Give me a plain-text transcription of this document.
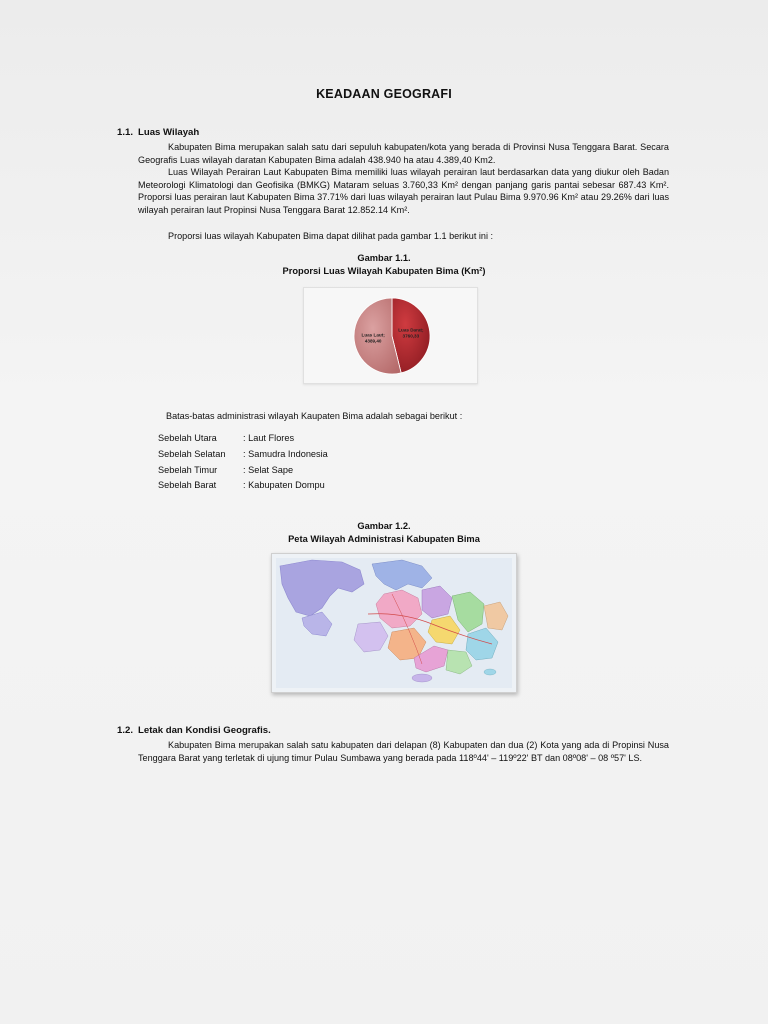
KEADAAN GEOGRAFI
1.1. Luas Wilayah

Kabupaten Bima merupakan salah satu dari sepuluh kabupaten/kota yang berada di Provinsi Nusa Tenggara Barat. Secara Geografis Luas wilayah daratan Kabupaten Bima adalah 438.940 ha atau 4.389,40 Km2.

Luas Wilayah Perairan Laut Kabupaten Bima memiliki luas wilayah perairan laut berdasarkan data yang diukur oleh Badan Meteorologi Klimatologi dan Geofisika (BMKG) Mataram seluas 3.760,33 Km² dengan panjang garis pantai sebesar 687.43 Km². Proporsi luas perairan laut Kabupaten Bima 37.71% dari luas wilayah perairan laut Pulau Bima 9.970.96 Km² atau 29.26% dari luas wilayah perairan laut Propinsi Nusa Tenggara Barat 12.852.14 Km².

Proporsi luas wilayah Kabupaten Bima dapat dilihat pada gambar 1.1 berikut ini :

Gambar 1.1.
Proporsi Luas Wilayah Kabupaten Bima (Km²)
Luas Darat; 3760,33
Luas Laut; 4389,40
Batas-batas administrasi wilayah Kaupaten Bima adalah sebagai berikut :
Sebelah Utara	: Laut Flores
Sebelah Selatan	: Samudra Indonesia
Sebelah Timur	: Selat Sape
Sebelah Barat	: Kabupaten Dompu
Gambar 1.2.
Peta Wilayah Administrasi Kabupaten Bima
1.2. Letak dan Kondisi Geografis.

Kabupaten Bima merupakan salah satu kabupaten dari delapan (8) Kabupaten dan dua (2) Kota yang ada di Propinsi Nusa Tenggara Barat yang terletak di ujung timur Pulau Sumbawa yang berada pada 118º44' – 119º22' BT dan 08º08' – 08 º57' LS.
